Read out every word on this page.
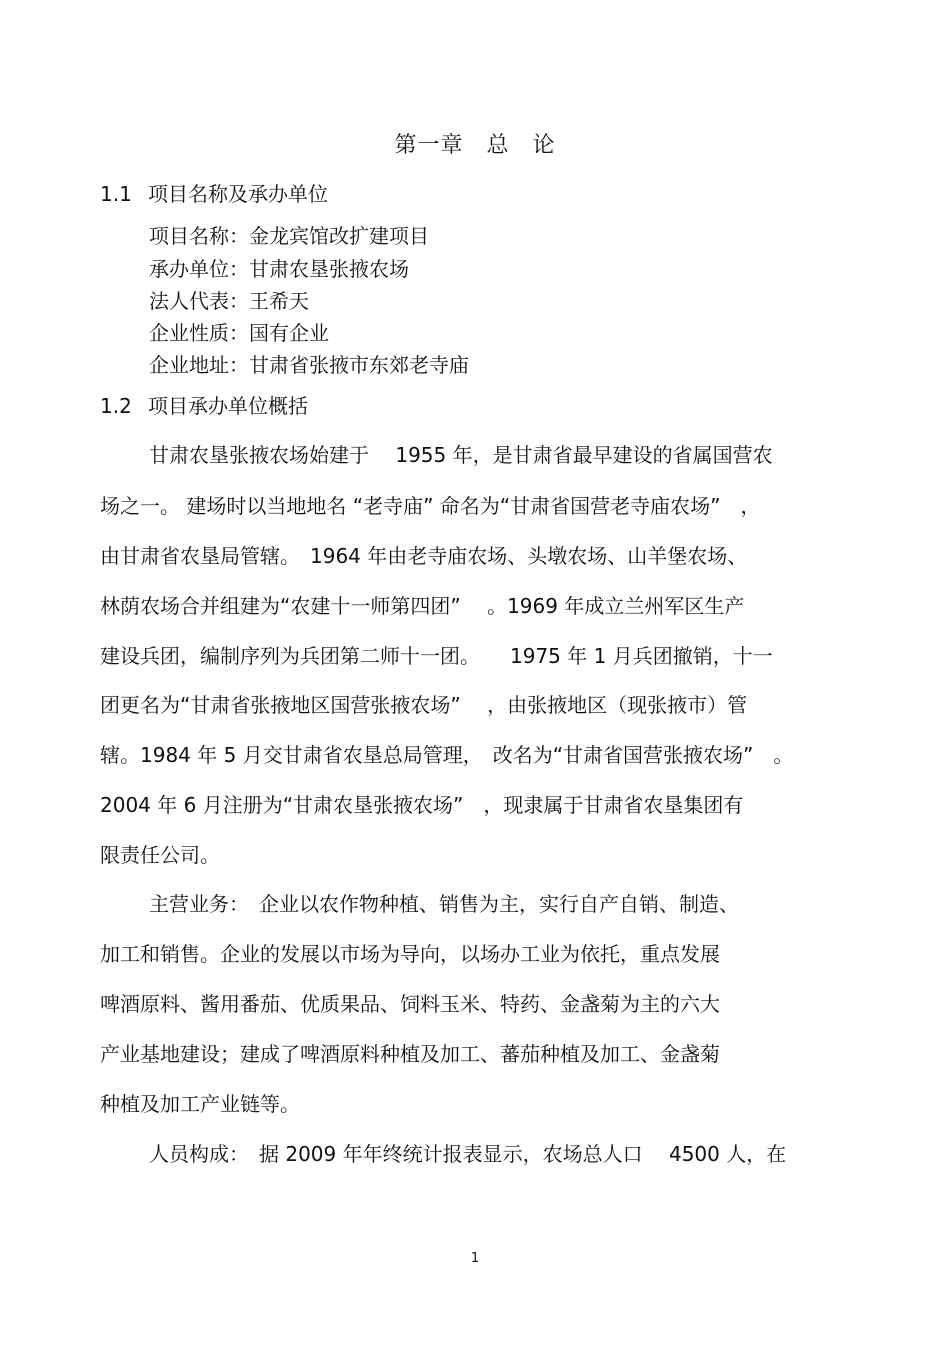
第一章　总　论
1.1 项目名称及承办单位
项目名称：金龙宾馆改扩建项目
承办单位：甘肃农垦张掖农场
法人代表：王希天
企业性质：国有企业
企业地址：甘肃省张掖市东郊老寺庙
1.2 项目承办单位概括
甘肃农垦张掖农场始建于　 1955 年，是甘肃省最早建设的省属国营农
场之一。 建场时以当地地名 “老寺庙” 命名为“甘肃省国营老寺庙农场”　，
由甘肃省农垦局管辖。　1964 年由老寺庙农场、头墩农场、山羊堡农场、
林荫农场合并组建为“农建十一师第四团”　 。1969 年成立兰州军区生产
建设兵团，编制序列为兵团第二师十一团。　　1975 年 1 月兵团撤销，十一
团更名为“甘肃省张掖地区国营张掖农场”　 ，由张掖地区（现张掖市）管
辖。1984 年 5 月交甘肃省农垦总局管理，　改名为“甘肃省国营张掖农场”　。
2004 年 6 月注册为“甘肃农垦张掖农场”　，现隶属于甘肃省农垦集团有
限责任公司。
主营业务：　企业以农作物种植、销售为主，实行自产自销、制造、
加工和销售。企业的发展以市场为导向，以场办工业为依托，重点发展
啤酒原料、酱用番茄、优质果品、饲料玉米、特药、金盏菊为主的六大
产业基地建设；建成了啤酒原料种植及加工、蕃茄种植及加工、金盏菊
种植及加工产业链等。
人员构成：　据 2009 年年终统计报表显示，农场总人口　 4500 人，在
1
